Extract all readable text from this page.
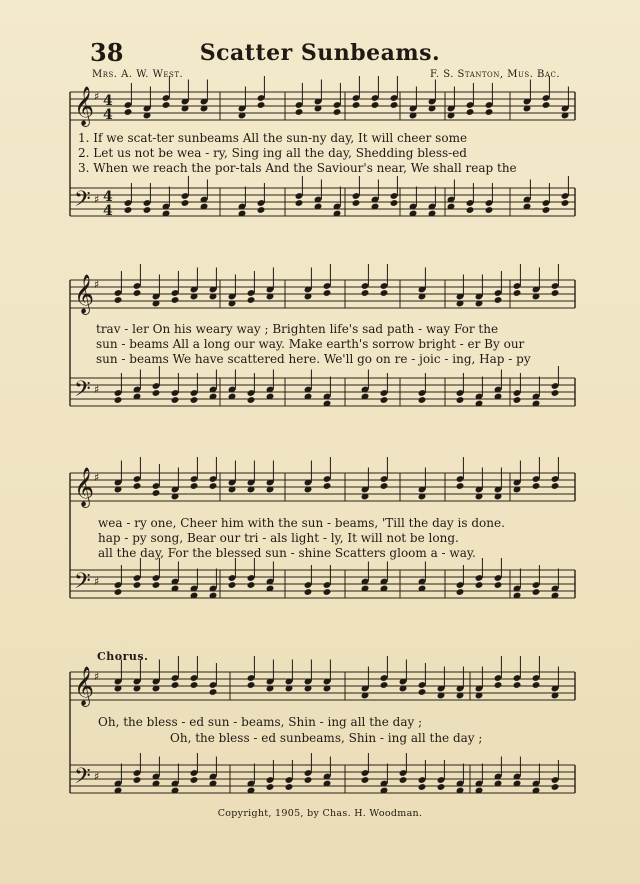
38	Scatter Sunbeams.
Mrs. A. W. West.	F. S. Stanton, Mus. Bac.
𝄞
𝄢
♯
♯
4
4
4
4
𝄞
𝄢
♯
♯
𝄞
𝄢
♯
♯
𝄞
𝄢
♯
♯
1. If we scat-ter sunbeams All the sun-ny day, It will cheer some
2. Let us not be wea - ry, Sing ing all the day, Shedding bless-ed
3. When we reach the por-tals And the Saviour's near, We shall reap the
trav - ler On his weary way ; Brighten life's sad path - way For the
sun - beams All a long our way. Make earth's sorrow bright - er By our
sun - beams We have scattered here. We'll go on re - joic - ing, Hap - py
wea - ry one, Cheer him with the sun - beams, 'Till the day is done.
hap - py song, Bear our tri - als light - ly, It will not be long.
all the day, For the blessed sun - shine Scatters gloom a - way.
Chorus.
Oh, the bless - ed sun - beams, Shin - ing all the day ;
Oh, the bless - ed sunbeams, Shin - ing all the day ;
Copyright, 1905, by Chas. H. Woodman.
